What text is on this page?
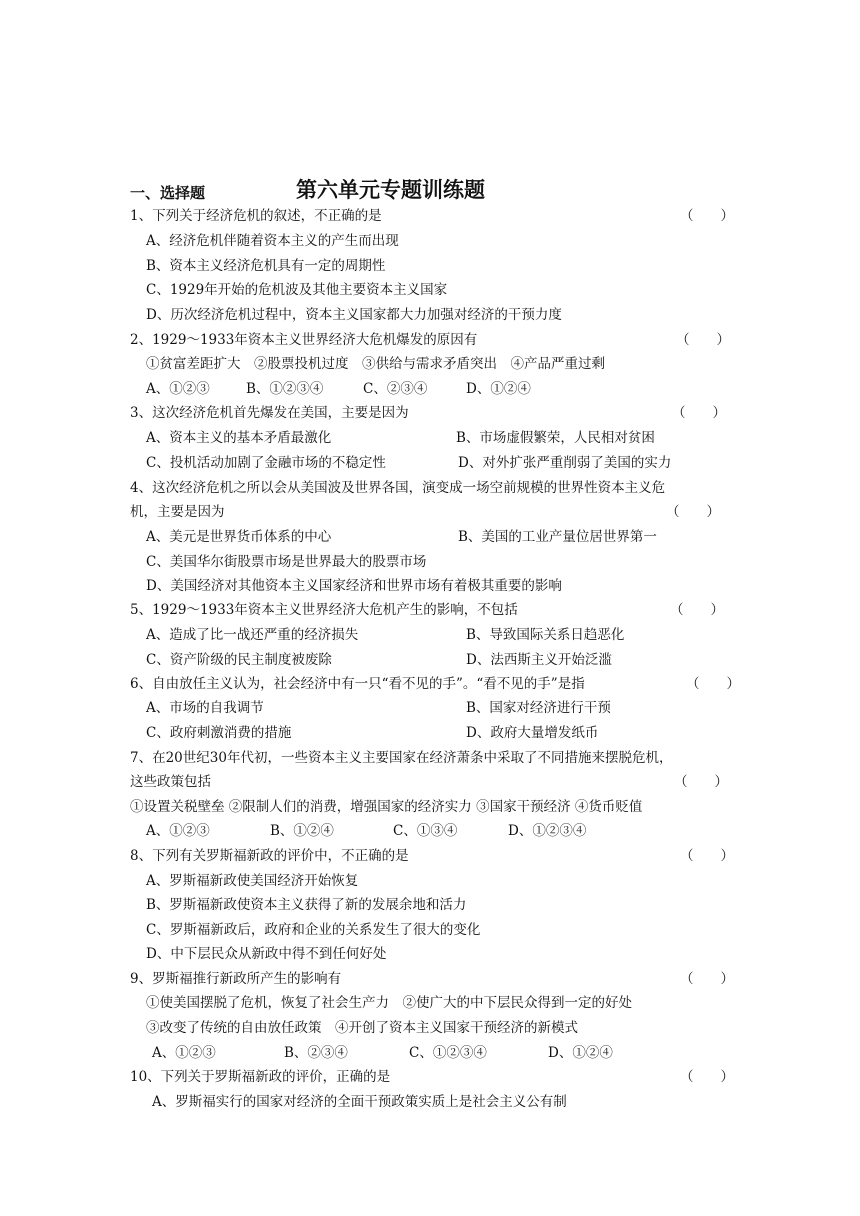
一、选择题	第六单元专题训练题
1、下列关于经济危机的叙述，不正确的是	（　　）
A、经济危机伴随着资本主义的产生而出现
B、资本主义经济危机具有一定的周期性
C、1929年开始的危机波及其他主要资本主义国家
D、历次经济危机过程中，资本主义国家都大力加强对经济的干预力度
2、1929～1933年资本主义世界经济大危机爆发的原因有	（　　）
①贫富差距扩大　②股票投机过度　③供给与需求矛盾突出　④产品严重过剩
A、①②③	B、①②③④	C、②③④	D、①②④
3、这次经济危机首先爆发在美国，主要是因为	（　　）
A、资本主义的基本矛盾最激化	B、市场虚假繁荣，人民相对贫困
C、投机活动加剧了金融市场的不稳定性	D、对外扩张严重削弱了美国的实力
4、这次经济危机之所以会从美国波及世界各国，演变成一场空前规模的世界性资本主义危
机，主要是因为	（　　）
A、美元是世界货币体系的中心	B、美国的工业产量位居世界第一
C、美国华尔街股票市场是世界最大的股票市场
D、美国经济对其他资本主义国家经济和世界市场有着极其重要的影响
5、1929～1933年资本主义世界经济大危机产生的影响，不包括	（　　）
A、造成了比一战还严重的经济损失	B、导致国际关系日趋恶化
C、资产阶级的民主制度被废除	D、法西斯主义开始泛滥
6、自由放任主义认为，社会经济中有一只“看不见的手”。“看不见的手”是指	（　　）
A、市场的自我调节	B、国家对经济进行干预
C、政府刺激消费的措施	D、政府大量增发纸币
7、在20世纪30年代初，一些资本主义主要国家在经济萧条中采取了不同措施来摆脱危机，
这些政策包括	（　　）
①设置关税壁垒 ②限制人们的消费，增强国家的经济实力 ③国家干预经济 ④货币贬值
A、①②③	B、①②④	C、①③④	D、①②③④
8、下列有关罗斯福新政的评价中，不正确的是	（　　）
A、罗斯福新政使美国经济开始恢复
B、罗斯福新政使资本主义获得了新的发展余地和活力
C、罗斯福新政后，政府和企业的关系发生了很大的变化
D、中下层民众从新政中得不到任何好处
9、罗斯福推行新政所产生的影响有	（　　）
①使美国摆脱了危机，恢复了社会生产力　②使广大的中下层民众得到一定的好处
③改变了传统的自由放任政策　④开创了资本主义国家干预经济的新模式
A、①②③	B、②③④	C、①②③④	D、①②④
10、下列关于罗斯福新政的评价，正确的是	（　　）
A、罗斯福实行的国家对经济的全面干预政策实质上是社会主义公有制
